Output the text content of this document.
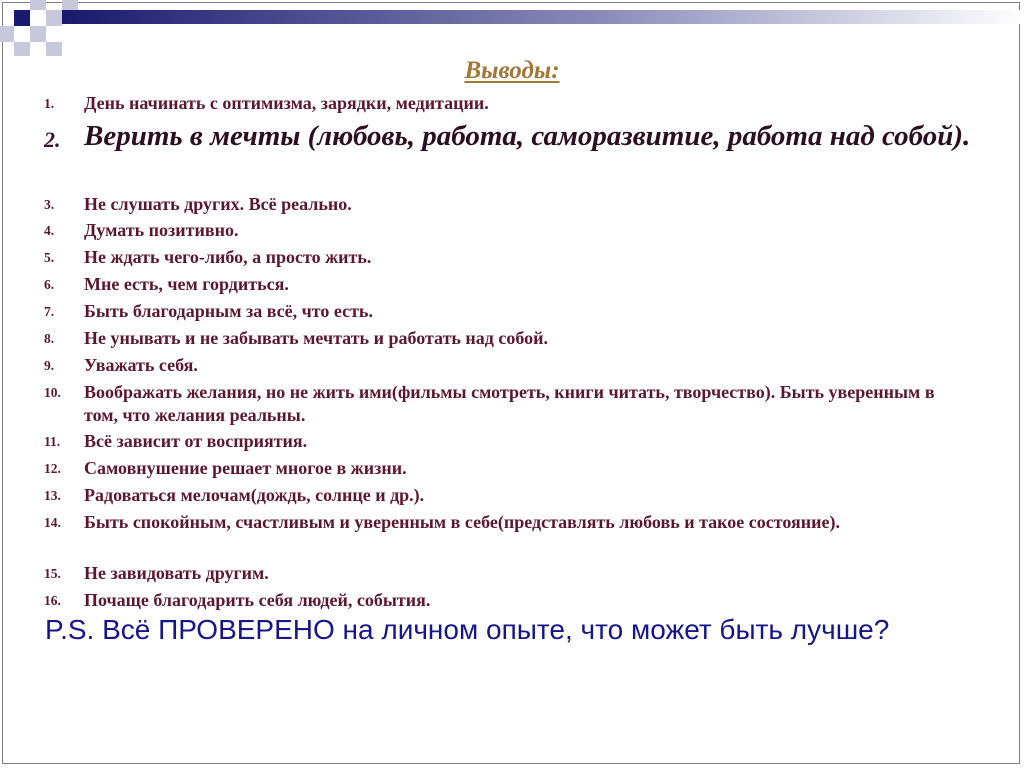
Выводы:
1. День начинать с оптимизма, зарядки, медитации.
2. Верить в мечты (любовь, работа, саморазвитие, работа над собой).
3. Не слушать других. Всё реально.
4. Думать позитивно.
5. Не ждать чего-либо, а просто жить.
6. Мне есть, чем гордиться.
7. Быть благодарным за всё, что есть.
8. Не унывать и не забывать мечтать и работать над собой.
9. Уважать себя.
10. Воображать желания, но не жить ими(фильмы смотреть, книги читать, творчество). Быть уверенным в том, что желания реальны.
11. Всё зависит от восприятия.
12. Самовнушение решает многое в жизни.
13. Радоваться мелочам(дождь, солнце и др.).
14. Быть спокойным, счастливым и уверенным в себе(представлять любовь и такое состояние).
15. Не завидовать другим.
16. Почаще благодарить себя людей, события.
P.S. Всё ПРОВЕРЕНО на личном опыте, что может быть лучше?
